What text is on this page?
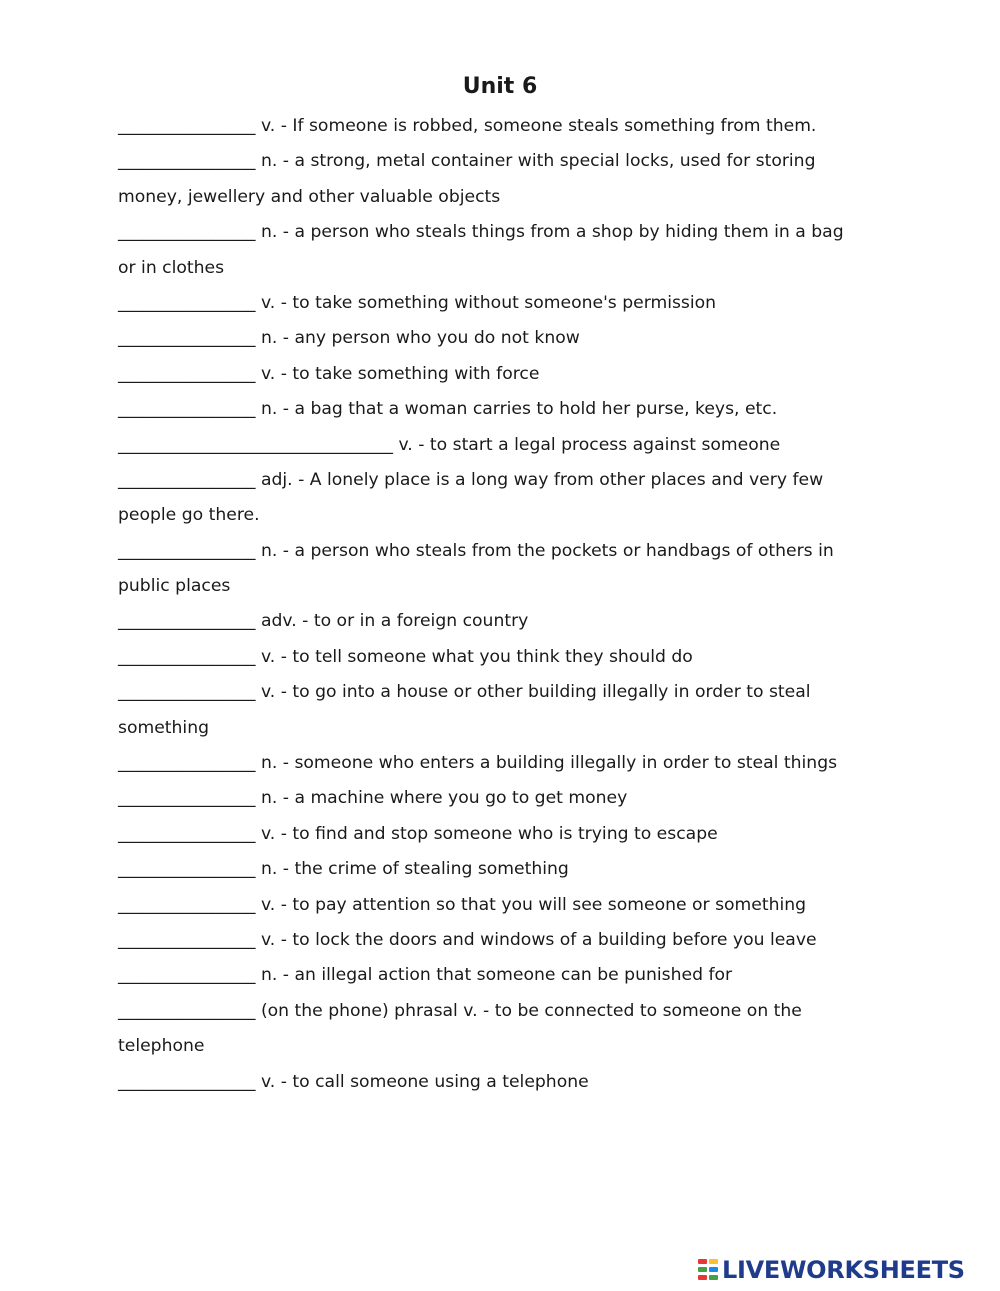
Unit 6
________________ v. - If someone is robbed, someone steals something from them.
________________ n. - a strong, metal container with special locks, used for storing
money, jewellery and other valuable objects
________________ n. - a person who steals things from a shop by hiding them in a bag
or in clothes
________________ v. - to take something without someone's permission
________________ n. - any person who you do not know
________________ v. - to take something with force
________________ n. - a bag that a woman carries to hold her purse, keys, etc.
________________________________ v. - to start a legal process against someone
________________ adj. - A lonely place is a long way from other places and very few
people go there.
________________ n. - a person who steals from the pockets or handbags of others in
public places
________________ adv. - to or in a foreign country
________________ v. - to tell someone what you think they should do
________________ v. - to go into a house or other building illegally in order to steal
something
________________ n. - someone who enters a building illegally in order to steal things
________________ n. - a machine where you go to get money
________________ v. - to find and stop someone who is trying to escape
________________ n. - the crime of stealing something
________________ v. - to pay attention so that you will see someone or something
________________ v. - to lock the doors and windows of a building before you leave
________________ n. - an illegal action that someone can be punished for
________________ (on the phone) phrasal v. - to be connected to someone on the
telephone
________________ v. - to call someone using a telephone
LIVEWORKSHEETS
